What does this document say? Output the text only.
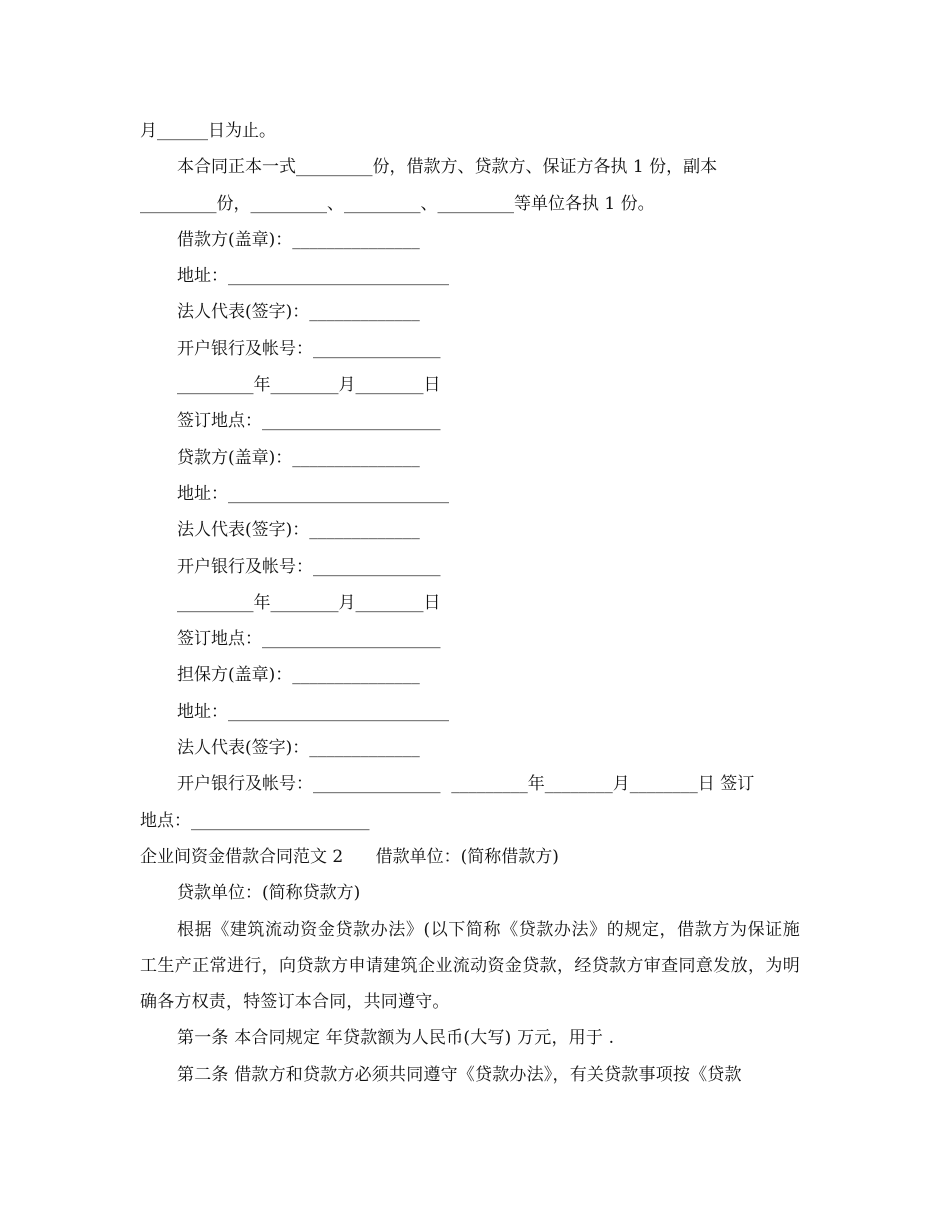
月______日为止。
本合同正本一式_________份，借款方、贷款方、保证方各执 1 份，副本
_________份，_________、_________、_________等单位各执 1 份。
借款方(盖章)：_______________
地址：__________________________
法人代表(签字)：_____________
开户银行及帐号：_______________
_________年________月________日
签订地点：_____________________
贷款方(盖章)：_______________
地址：__________________________
法人代表(签字)：_____________
开户银行及帐号：_______________
_________年________月________日
签订地点：_____________________
担保方(盖章)：_______________
地址：__________________________
法人代表(签字)：_____________
开户银行及帐号：_______________  _________年________月________日 签订
地点：_____________________
企业间资金借款合同范文 2      借款单位：(简称借款方)
贷款单位：(简称贷款方)

根据《建筑流动资金贷款办法》(以下简称《贷款办法》的规定，借款方为保证施工生产正常进行，向贷款方申请建筑企业流动资金贷款，经贷款方审查同意发放，为明确各方权责，特签订本合同，共同遵守。

第一条 本合同规定 年贷款额为人民币(大写) 万元，用于 .

第二条 借款方和贷款方必须共同遵守《贷款办法》，有关贷款事项按《贷款
